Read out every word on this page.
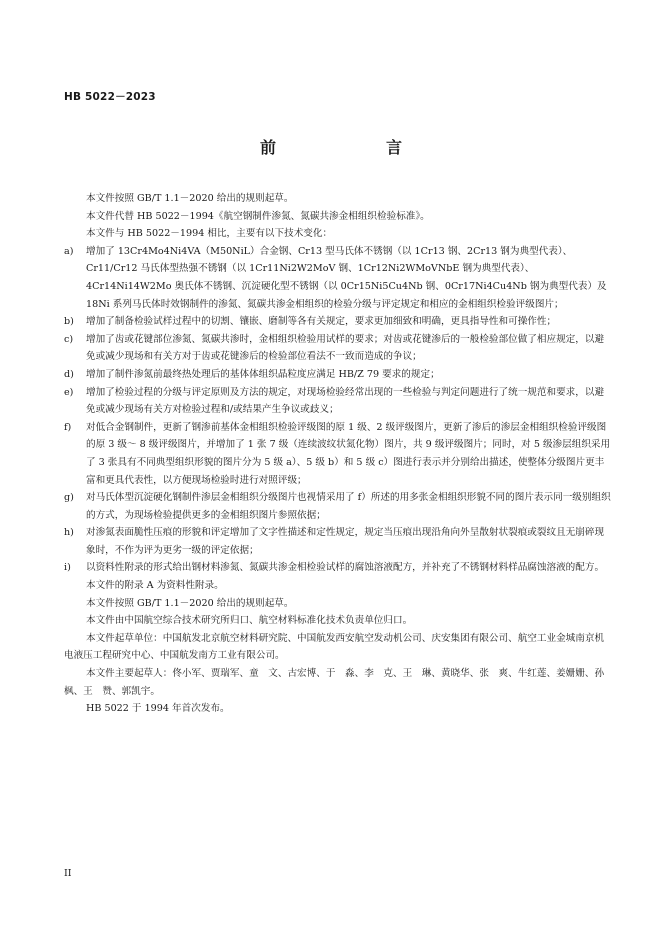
HB 5022－2023
前　　言

本文件按照 GB/T 1.1－2020 给出的规则起草。

本文件代替 HB 5022－1994《航空钢制件渗氮、氮碳共渗金相组织检验标准》。

本文件与 HB 5022－1994 相比，主要有以下技术变化：

a)	增加了 13Cr4Mo4Ni4VA（M50NiL）合金钢、Cr13 型马氏体不锈钢（以 1Cr13 钢、2Cr13 钢为典型代表）、Cr11/Cr12 马氏体型热强不锈钢（以 1Cr11Ni2W2MoV 钢、1Cr12Ni2WMoVNbE 钢为典型代表）、4Cr14Ni14W2Mo 奥氏体不锈钢、沉淀硬化型不锈钢（以 0Cr15Ni5Cu4Nb 钢、0Cr17Ni4Cu4Nb 钢为典型代表）及 18Ni 系列马氏体时效钢制件的渗氮、氮碳共渗金相组织的检验分级与评定规定和相应的金相组织检验评级图片；
b)	增加了制备检验试样过程中的切割、镶嵌、磨制等各有关规定，要求更加细致和明确，更具指导性和可操作性；
c)	增加了齿或花键部位渗氮、氮碳共渗时，金相组织检验用试样的要求；对齿或花键渗后的一般检验部位做了相应规定，以避免或减少现场和有关方对于齿或花键渗后的检验部位看法不一致而造成的争议；
d)	增加了制件渗氮前最终热处理后的基体体组织晶粒度应满足 HB/Z 79 要求的规定；
e)	增加了检验过程的分级与评定原则及方法的规定，对现场检验经常出现的一些检验与判定问题进行了统一规范和要求，以避免或减少现场有关方对检验过程和/或结果产生争议或歧义；
f)	对低合金钢制件，更新了钢渗前基体金相组织检验评级图的原 1 级、2 级评级图片，更新了渗后的渗层金相组织检验评级图的原 3 级～ 8 级评级图片，并增加了 1 张 7 级（连续波纹状氮化物）图片，共 9 级评级图片；同时，对 5 级渗层组织采用了 3 张具有不同典型组织形貌的图片分为 5 级 a）、5 级 b）和 5 级 c）图进行表示并分别给出描述，使整体分级图片更丰富和更具代表性，以方便现场检验时进行对照评级；
g)	对马氏体型沉淀硬化钢制件渗层金相组织分级图片也视情采用了 f）所述的用多张金相组织形貌不同的图片表示同一级别组织的方式，为现场检验提供更多的金相组织图片参照依据；
h)	对渗氮表面脆性压痕的形貌和评定增加了文字性描述和定性规定，规定当压痕出现沿角向外呈散射状裂痕或裂纹且无崩碎现象时，不作为评为更劣一级的评定依据；
i)	以资料性附录的形式给出钢材料渗氮、氮碳共渗金相检验试样的腐蚀溶液配方，并补充了不锈钢材料样品腐蚀溶液的配方。

本文件的附录 A 为资料性附录。

本文件按照 GB/T 1.1－2020 给出的规则起草。

本文件由中国航空综合技术研究所归口、航空材料标准化技术负责单位归口。

本文件起草单位：中国航发北京航空材料研究院、中国航发西安航空发动机公司、庆安集团有限公司、航空工业金城南京机电液压工程研究中心、中国航发南方工业有限公司。

本文件主要起草人：佟小军、贾瑞军、童　文、古宏博、于　淼、李　克、王　琳、黄晓华、张　爽、牛红莲、姜姗姗、孙　枫、王　赞、郭凯宇。

HB 5022 于 1994 年首次发布。

II
